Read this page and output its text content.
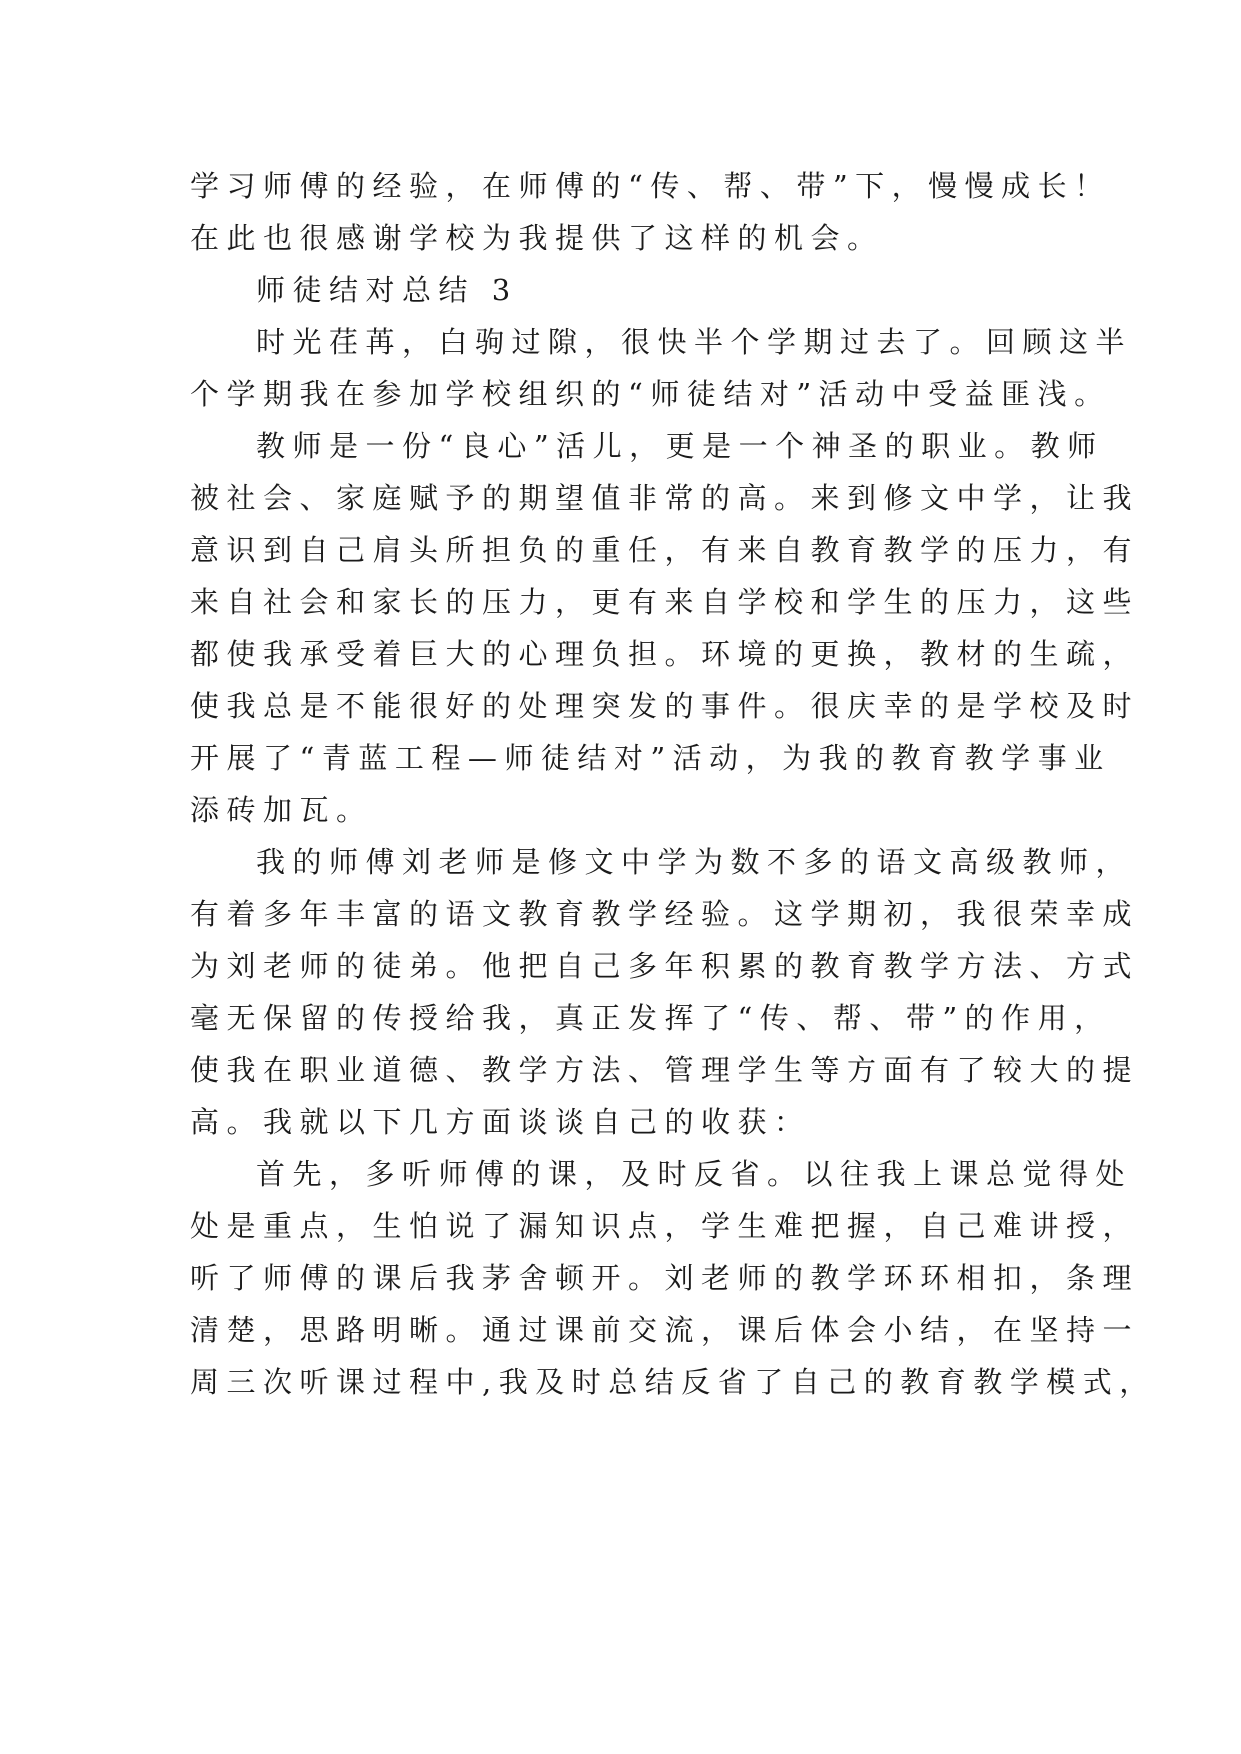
学习师傅的经验，在师傅的“传、帮、带”下，慢慢成长！
在此也很感谢学校为我提供了这样的机会。
师徒结对总结 3
时光荏苒，白驹过隙，很快半个学期过去了。回顾这半
个学期我在参加学校组织的“师徒结对”活动中受益匪浅。
教师是一份“良心”活儿，更是一个神圣的职业。教师
被社会、家庭赋予的期望值非常的高。来到修文中学，让我
意识到自己肩头所担负的重任，有来自教育教学的压力，有
来自社会和家长的压力，更有来自学校和学生的压力，这些
都使我承受着巨大的心理负担。环境的更换，教材的生疏，
使我总是不能很好的处理突发的事件。很庆幸的是学校及时
开展了“青蓝工程—师徒结对”活动，为我的教育教学事业
添砖加瓦。
我的师傅刘老师是修文中学为数不多的语文高级教师，
有着多年丰富的语文教育教学经验。这学期初，我很荣幸成
为刘老师的徒弟。他把自己多年积累的教育教学方法、方式
毫无保留的传授给我，真正发挥了“传、帮、带”的作用，
使我在职业道德、教学方法、管理学生等方面有了较大的提
高。我就以下几方面谈谈自己的收获：
首先，多听师傅的课，及时反省。以往我上课总觉得处
处是重点，生怕说了漏知识点，学生难把握，自己难讲授，
听了师傅的课后我茅舍顿开。刘老师的教学环环相扣，条理
清楚，思路明晰。通过课前交流，课后体会小结，在坚持一
周三次听课过程中,我及时总结反省了自己的教育教学模式，
